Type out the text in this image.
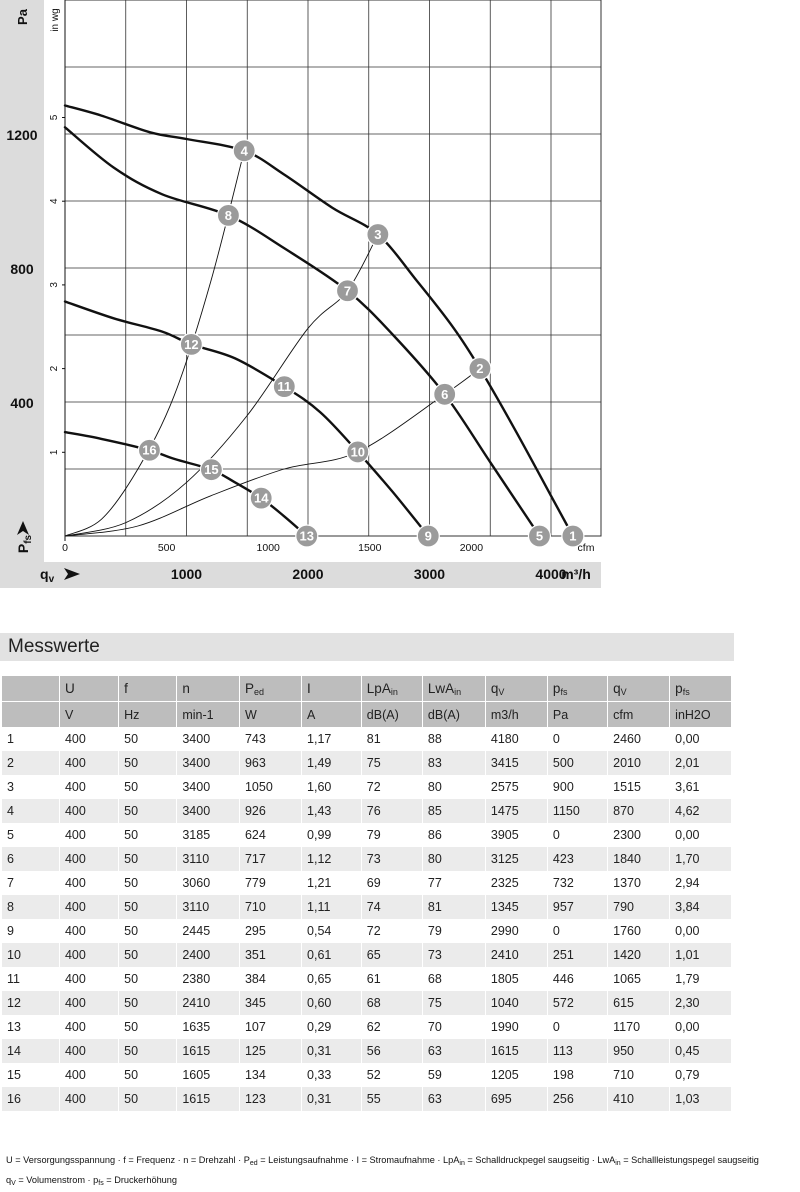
1
2
3
4
5
6
7
8
9
10
11
12
13
14
15
16
400
800
1200
Pa in wg
1
2
3
4
5
$P_{fs}$
0	500	1000	1500	2000	cfm
1000	2000	3000	4000
m³/h
$q_v$
Messwerte
	U	f	n	$P_{ed}$	I	LpA$_{in}$	LwA$_{in}$	$q_V$	$p_{fs}$	$q_V$	$p_{fs}$
	V	Hz	min-1	W	A	dB(A)	dB(A)	m3/h	Pa	cfm	inH2O
1	400	50	3400	743	1,17	81	88	4180	0	2460	0,00
2	400	50	3400	963	1,49	75	83	3415	500	2010	2,01
3	400	50	3400	1050	1,60	72	80	2575	900	1515	3,61
4	400	50	3400	926	1,43	76	85	1475	1150	870	4,62
5	400	50	3185	624	0,99	79	86	3905	0	2300	0,00
6	400	50	3110	717	1,12	73	80	3125	423	1840	1,70
7	400	50	3060	779	1,21	69	77	2325	732	1370	2,94
8	400	50	3110	710	1,11	74	81	1345	957	790	3,84
9	400	50	2445	295	0,54	72	79	2990	0	1760	0,00
10	400	50	2400	351	0,61	65	73	2410	251	1420	1,01
11	400	50	2380	384	0,65	61	68	1805	446	1065	1,79
12	400	50	2410	345	0,60	68	75	1040	572	615	2,30
13	400	50	1635	107	0,29	62	70	1990	0	1170	0,00
14	400	50	1615	125	0,31	56	63	1615	113	950	0,45
15	400	50	1605	134	0,33	52	59	1205	198	710	0,79
16	400	50	1615	123	0,31	55	63	695	256	410	1,03
U = Versorgungsspannung · f = Frequenz · n = Drehzahl · $P_{ed}$ = Leistungsaufnahme · I = Stromaufnahme · LpA$_{in}$ = Schalldruckpegel saugseitig · LwA$_{in}$ = Schallleistungspegel saugseitig
$q_V$ = Volumenstrom · $p_{fs}$ = Druckerhöhung
